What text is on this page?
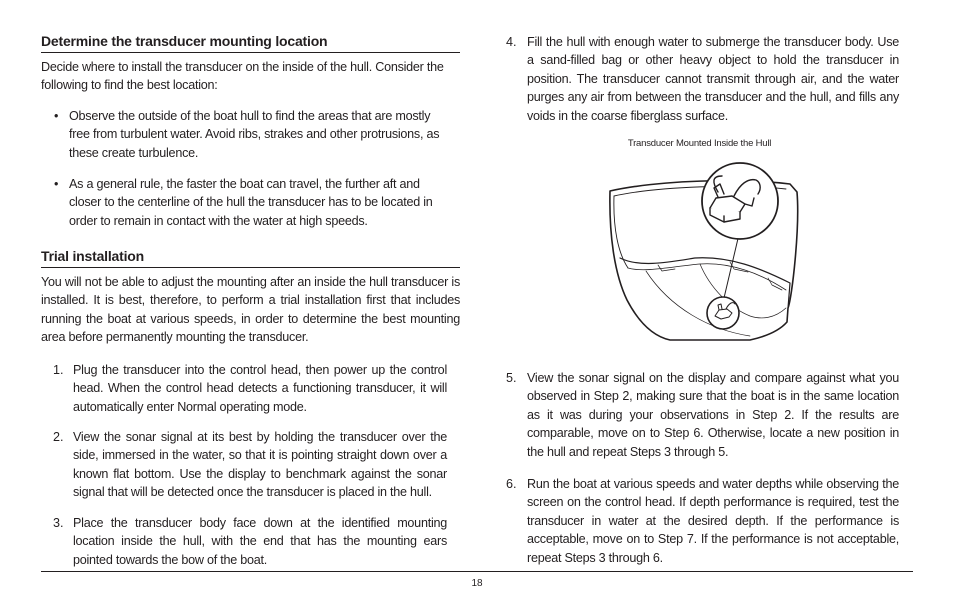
Determine the transducer mounting location
Decide where to install the transducer on the inside of the hull. Consider the following to find the best location:
• Observe the outside of the boat hull to find the areas that are mostly free from turbulent water. Avoid ribs, strakes and other protrusions, as these create turbulence.
• As a general rule, the faster the boat can travel, the further aft and closer to the centerline of the hull the transducer has to be located in order to remain in contact with the water at high speeds.
Trial installation
You will not be able to adjust the mounting after an inside the hull transducer is installed. It is best, therefore, to perform a trial installation first that includes running the boat at various speeds, in order to determine the best mounting area before permanently mounting the transducer.
1. Plug the transducer into the control head, then power up the control head. When the control head detects a functioning transducer, it will automatically enter Normal operating mode.
2. View the sonar signal at its best by holding the transducer over the side, immersed in the water, so that it is pointing straight down over a known flat bottom. Use the display to benchmark against the sonar signal that will be detected once the transducer is placed in the hull.
3. Place the transducer body face down at the identified mounting location inside the hull, with the end that has the mounting ears pointed towards the bow of the boat.
4. Fill the hull with enough water to submerge the transducer body. Use a sand-filled bag or other heavy object to hold the transducer in position. The transducer cannot transmit through air, and the water purges any air from between the transducer and the hull, and fills any voids in the coarse fiberglass surface.
Transducer Mounted Inside the Hull
5. View the sonar signal on the display and compare against what you observed in Step 2, making sure that the boat is in the same location as it was during your observations in Step 2. If the results are comparable, move on to Step 6. Otherwise, locate a new position in the hull and repeat Steps 3 through 5.
6. Run the boat at various speeds and water depths while observing the screen on the control head. If depth performance is required, test the transducer in water at the desired depth. If the performance is acceptable, move on to Step 7. If the performance is not acceptable, repeat Steps 3 through 6.
18
